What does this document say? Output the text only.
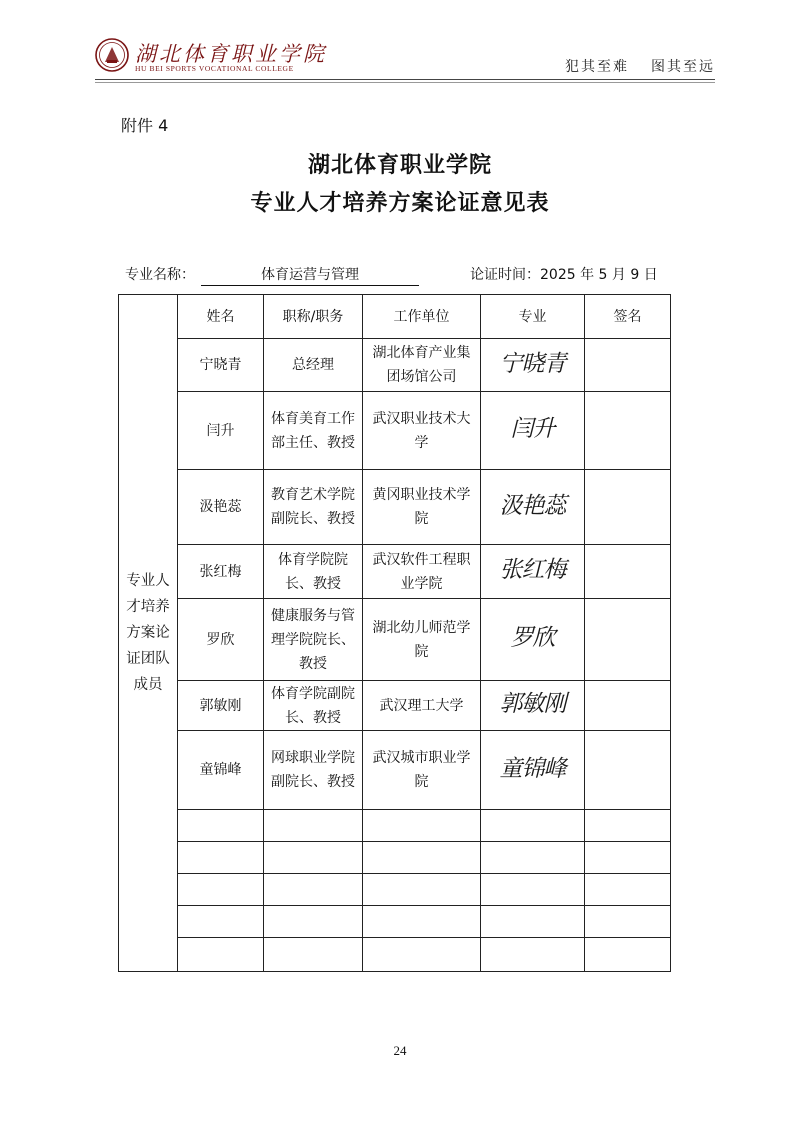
湖北体育职业学院
HU BEI SPORTS VOCATIONAL COLLEGE	犯其至难 图其至远
附件 4
湖北体育职业学院
专业人才培养方案论证意见表
专业名称：	体育运营与管理	论证时间：2025 年 5 月 9 日
专业人才培养方案论证团队成员	姓名	职称/职务	工作单位	专业	签名
	宁晓青	总经理	湖北体育产业集团场馆公司	宁晓青	
	闫升	体育美育工作部主任、教授	武汉职业技术大学	闫升	
	汲艳蕊	教育艺术学院副院长、教授	黄冈职业技术学院	汲艳蕊	
	张红梅	体育学院院长、教授	武汉软件工程职业学院	张红梅	
	罗欣	健康服务与管理学院院长、教授	湖北幼儿师范学院	罗欣	
	郭敏刚	体育学院副院长、教授	武汉理工大学	郭敏刚	
	童锦峰	网球职业学院副院长、教授	武汉城市职业学院	童锦峰	

24
